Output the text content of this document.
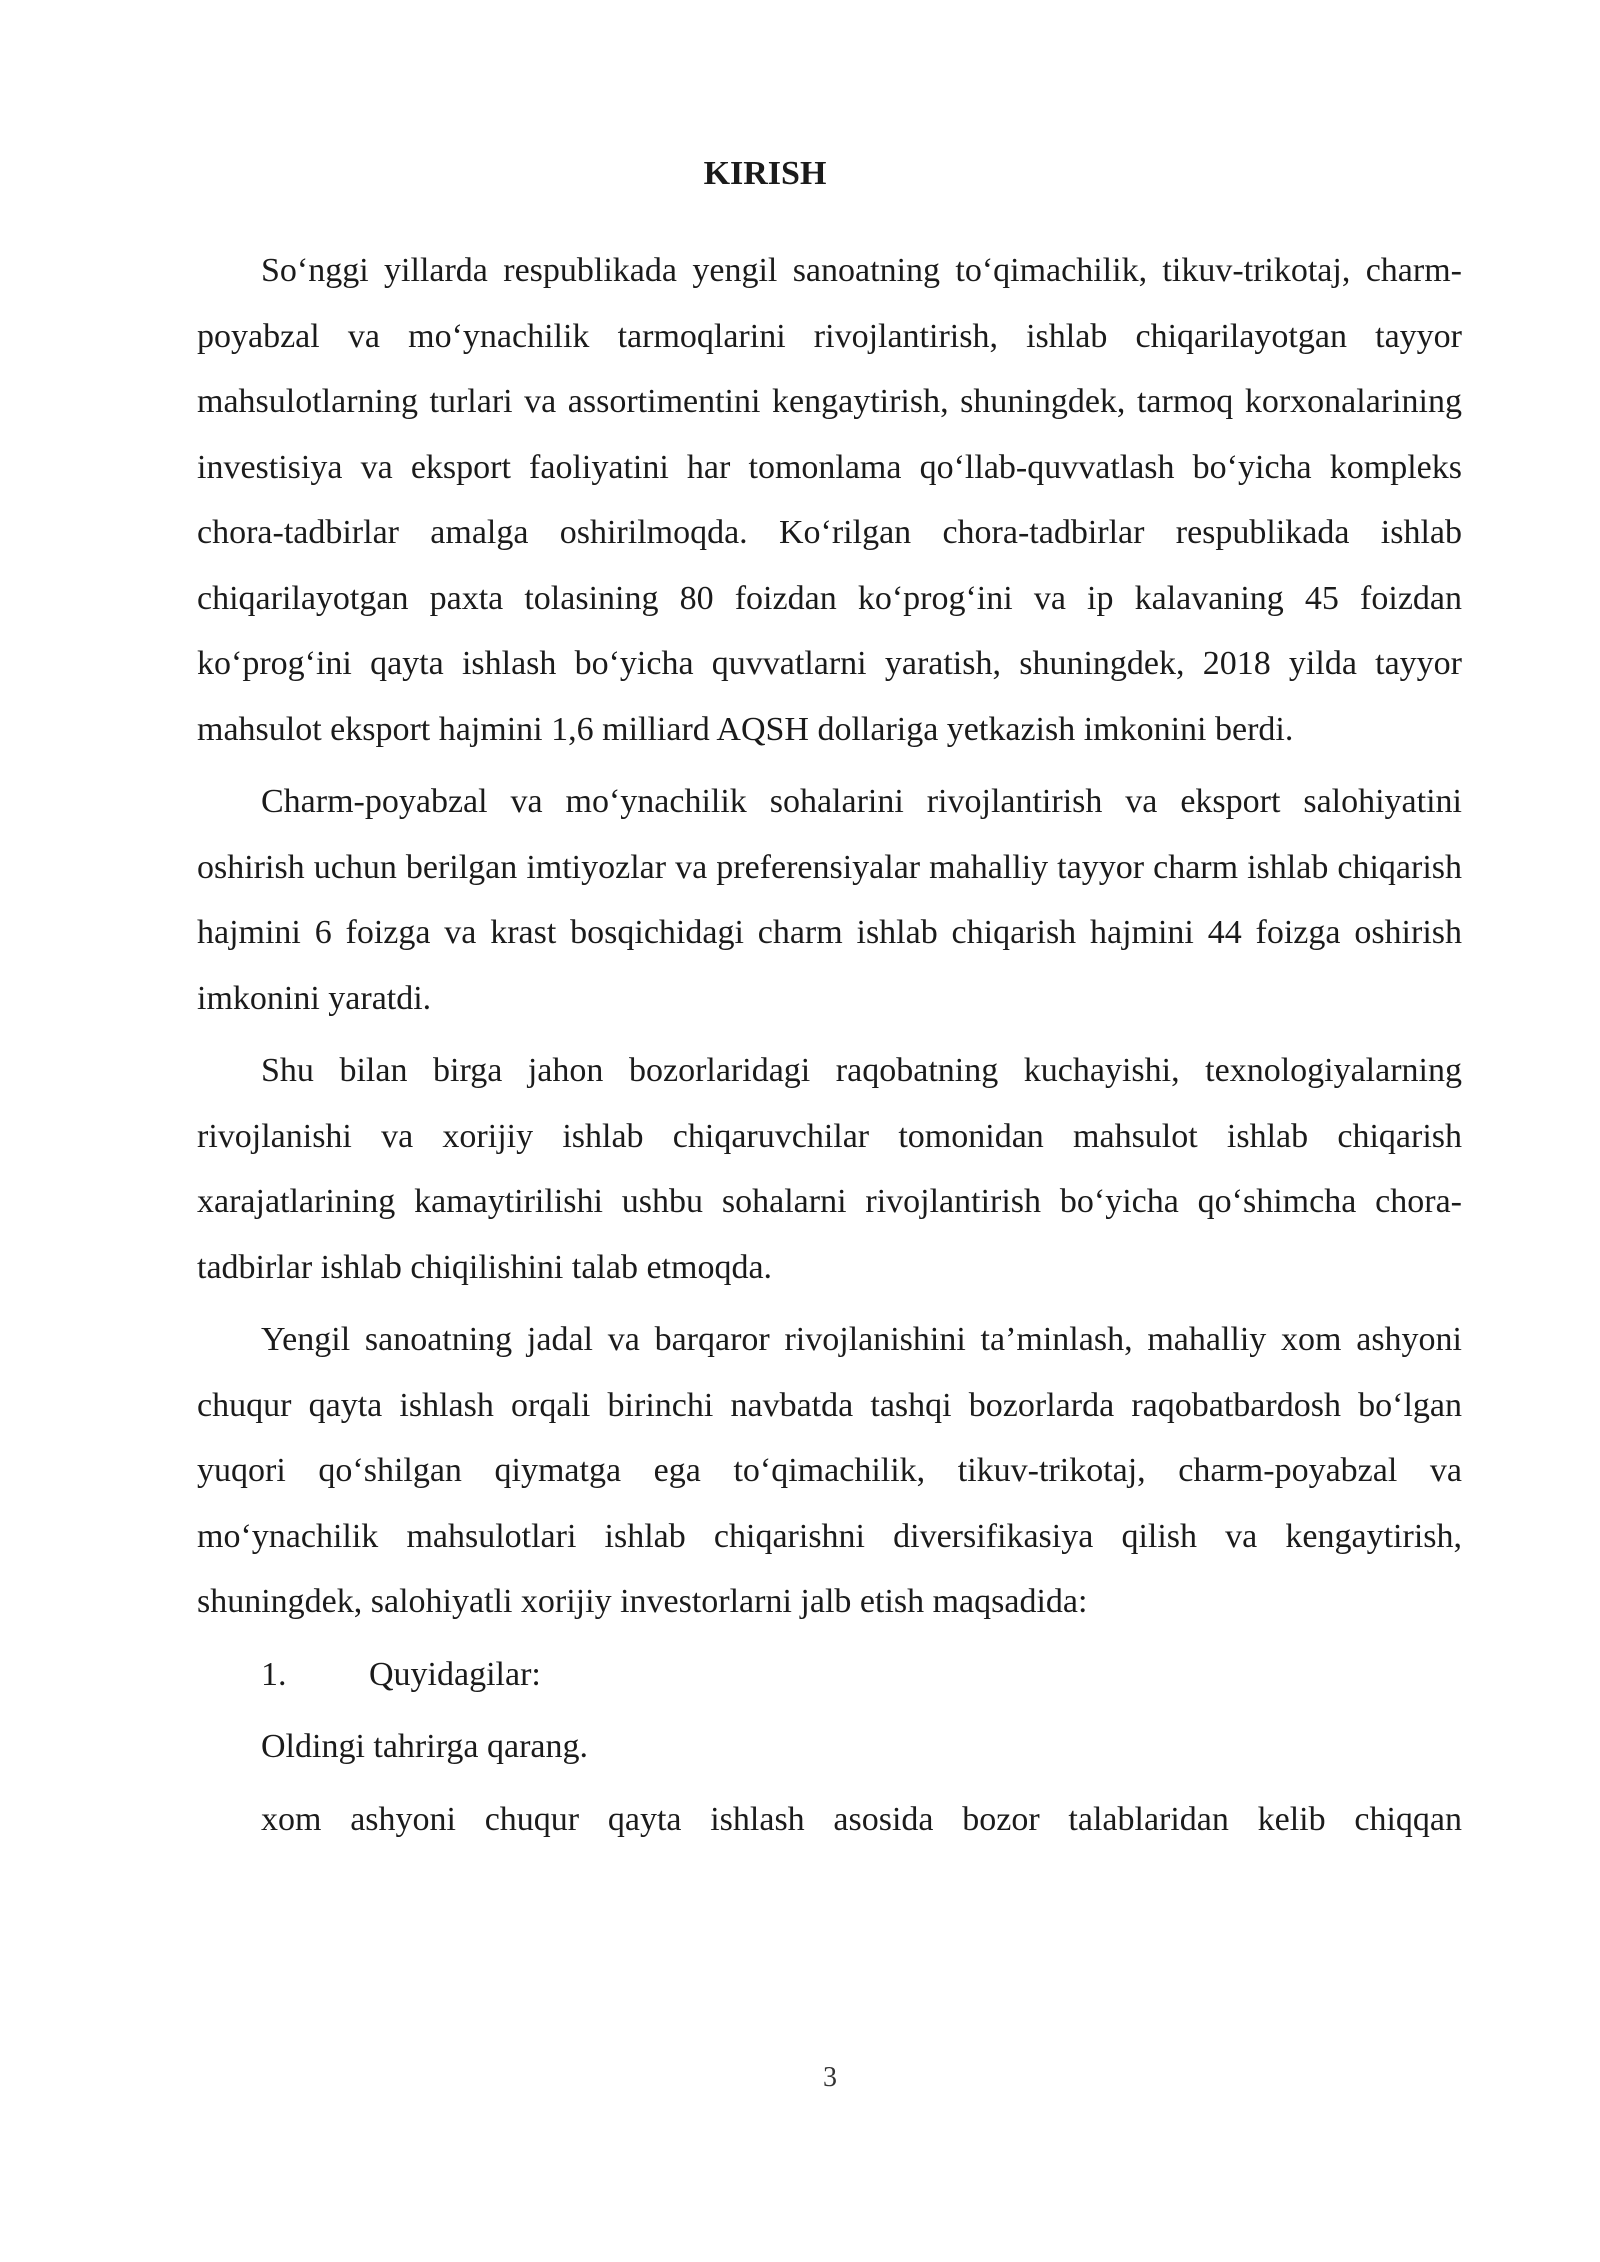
KIRISH

So‘nggi yillarda respublikada yengil sanoatning to‘qimachilik, tikuv-trikotaj, charm-poyabzal va mo‘ynachilik tarmoqlarini rivojlantirish, ishlab chiqarilayotgan tayyor mahsulotlarning turlari va assortimentini kengaytirish, shuningdek, tarmoq korxonalarining investisiya va eksport faoliyatini har tomonlama qo‘llab-quvvatlash bo‘yicha kompleks chora-tadbirlar amalga oshirilmoqda. Ko‘rilgan chora-tadbirlar respublikada ishlab chiqarilayotgan paxta tolasining 80 foizdan ko‘prog‘ini va ip kalavaning 45 foizdan ko‘prog‘ini qayta ishlash bo‘yicha quvvatlarni yaratish, shuningdek, 2018 yilda tayyor mahsulot eksport hajmini 1,6 milliard AQSH dollariga yetkazish imkonini berdi.

Charm-poyabzal va mo‘ynachilik sohalarini rivojlantirish va eksport salohiyatini oshirish uchun berilgan imtiyozlar va preferensiyalar mahalliy tayyor charm ishlab chiqarish hajmini 6 foizga va krast bosqichidagi charm ishlab chiqarish hajmini 44 foizga oshirish imkonini yaratdi.

Shu bilan birga jahon bozorlaridagi raqobatning kuchayishi, texnologiyalarning rivojlanishi va xorijiy ishlab chiqaruvchilar tomonidan mahsulot ishlab chiqarish xarajatlarining kamaytirilishi ushbu sohalarni rivojlantirish bo‘yicha qo‘shimcha chora-tadbirlar ishlab chiqilishini talab etmoqda.

Yengil sanoatning jadal va barqaror rivojlanishini ta’minlash, mahalliy xom ashyoni chuqur qayta ishlash orqali birinchi navbatda tashqi bozorlarda raqobatbardosh bo‘lgan yuqori qo‘shilgan qiymatga ega to‘qimachilik, tikuv-trikotaj, charm-poyabzal va mo‘ynachilik mahsulotlari ishlab chiqarishni diversifikasiya qilish va kengaytirish, shuningdek, salohiyatli xorijiy investorlarni jalb etish maqsadida:

1. Quyidagilar:

Oldingi tahrirga qarang.

xom ashyoni chuqur qayta ishlash asosida bozor talablaridan kelib chiqqan

3
